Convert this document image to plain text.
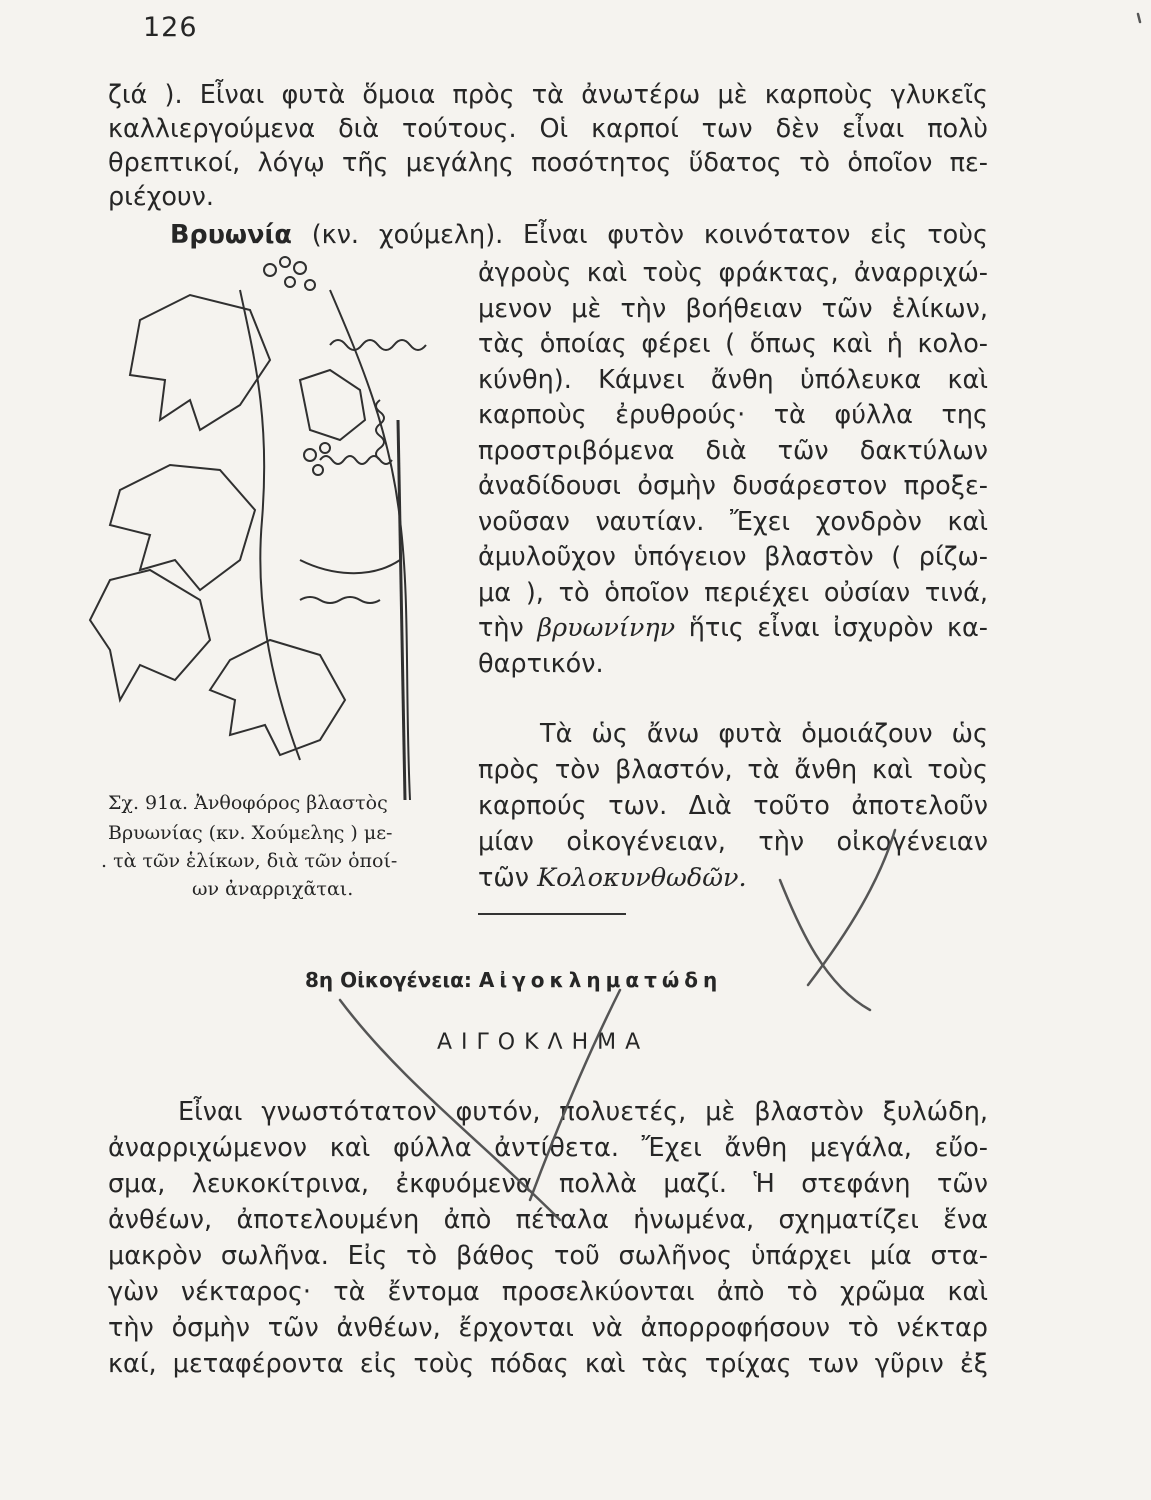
126
ζιά ). Εἶναι φυτὰ ὅμοια πρὸς τὰ ἀνωτέρω μὲ καρποὺς γλυκεῖς
καλλιεργούμενα διὰ τούτους. Οἱ καρποί των δὲν εἶναι πολὺ
θρεπτικοί, λόγῳ τῆς μεγάλης ποσότητος ὕδατος τὸ ὁποῖον πε-
ριέχουν.
Βρυωνία (κν. χούμελη). Εἶναι φυτὸν κοινότατον εἰς τοὺς
ἀγροὺς καὶ τοὺς φράκτας, ἀναρριχώ-
μενον μὲ τὴν βοήθειαν τῶν ἑλίκων,
τὰς ὁποίας φέρει ( ὅπως καὶ ἡ κολο-
κύνθη). Κάμνει ἄνθη ὑπόλευκα καὶ
καρποὺς ἐρυθρούς· τὰ φύλλα της
προστριβόμενα διὰ τῶν δακτύλων
ἀναδίδουσι ὀσμὴν δυσάρεστον προξε-
νοῦσαν ναυτίαν. Ἔχει χονδρὸν καὶ
ἀμυλοῦχον ὑπόγειον βλαστὸν ( ρίζω-
μα ), τὸ ὁποῖον περιέχει οὐσίαν τινά,
τὴν βρυωνίνην ἥτις εἶναι ἰσχυρὸν κα-
θαρτικόν.
Τὰ ὡς ἄνω φυτὰ ὁμοιάζουν ὡς
πρὸς τὸν βλαστόν, τὰ ἄνθη καὶ τοὺς
καρπούς των. Διὰ τοῦτο ἀποτελοῦν
μίαν οἰκογένειαν, τὴν οἰκογένειαν
τῶν Κολοκυνθωδῶν.
Σχ. 91α. Ἀνθοφόρος βλαστὸς
Βρυωνίας (κν. Χούμελης ) με-
. τὰ τῶν ἑλίκων, διὰ τῶν ὁποί-
ων ἀναρριχᾶται.
8η Οἰκογένεια: Αἰγοκληματώδη
ΑΙΓΟΚΛΗΜΑ
Εἶναι γνωστότατον φυτόν, πολυετές, μὲ βλαστὸν ξυλώδη,
ἀναρριχώμενον καὶ φύλλα ἀντίθετα. Ἔχει ἄνθη μεγάλα, εὔο-
σμα, λευκοκίτρινα, ἐκφυόμενα πολλὰ μαζί. Ἡ στεφάνη τῶν
ἀνθέων, ἀποτελουμένη ἀπὸ πέταλα ἡνωμένα, σχηματίζει ἕνα
μακρὸν σωλῆνα. Εἰς τὸ βάθος τοῦ σωλῆνος ὑπάρχει μία στα-
γὼν νέκταρος· τὰ ἔντομα προσελκύονται ἀπὸ τὸ χρῶμα καὶ
τὴν ὀσμὴν τῶν ἀνθέων, ἔρχονται νὰ ἀπορροφήσουν τὸ νέκταρ
καί, μεταφέροντα εἰς τοὺς πόδας καὶ τὰς τρίχας των γῦριν ἐξ
